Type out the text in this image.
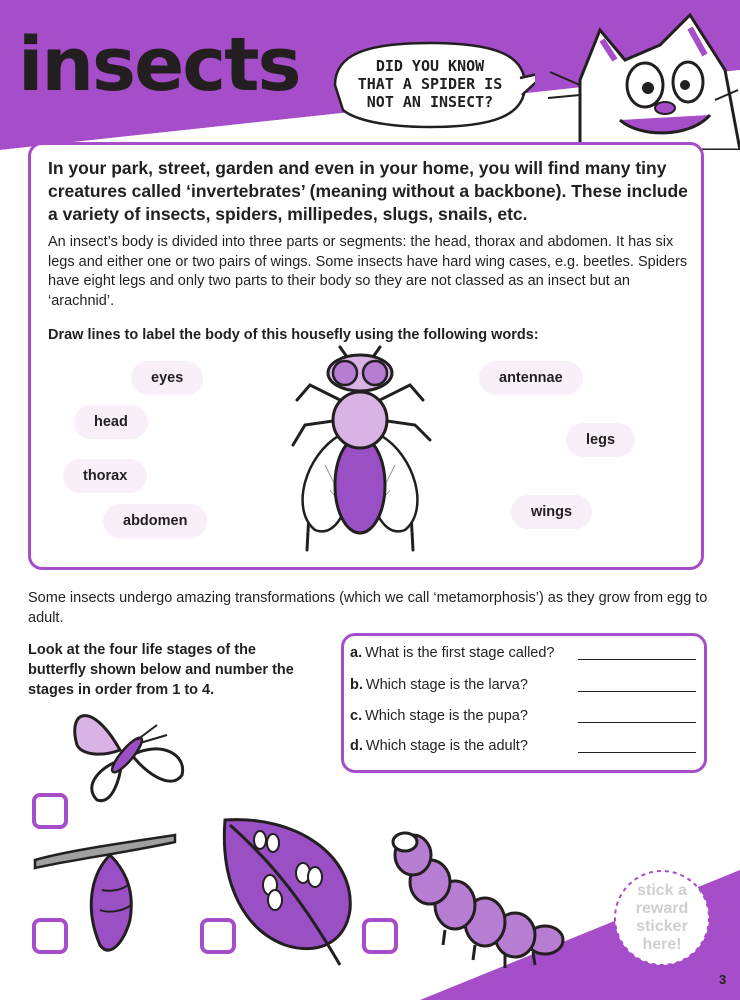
insects	DID YOU KNOW
THAT A SPIDER IS
NOT AN INSECT?
In your park, street, garden and even in your home, you will find many tiny creatures called ‘invertebrates’ (meaning without a backbone). These include a variety of insects, spiders, millipedes, slugs, snails, etc.
An insect’s body is divided into three parts or segments: the head, thorax and abdomen. It has six legs and either one or two pairs of wings. Some insects have hard wing cases, e.g. beetles. Spiders have eight legs and only two parts to their body so they are not classed as an insect but an ‘arachnid’.
Draw lines to label the body of this housefly using the following words:
eyes
head
thorax
abdomen
antennae
legs
wings
Some insects undergo amazing transformations (which we call ‘metamorphosis’) as they grow from egg to adult.
Look at the four life stages of the butterfly shown below and number the stages in order from 1 to 4.
a. What is the first stage called?
b. Which stage is the larva?
c. Which stage is the pupa?
d. Which stage is the adult?
stick a
reward
sticker
here!
3
